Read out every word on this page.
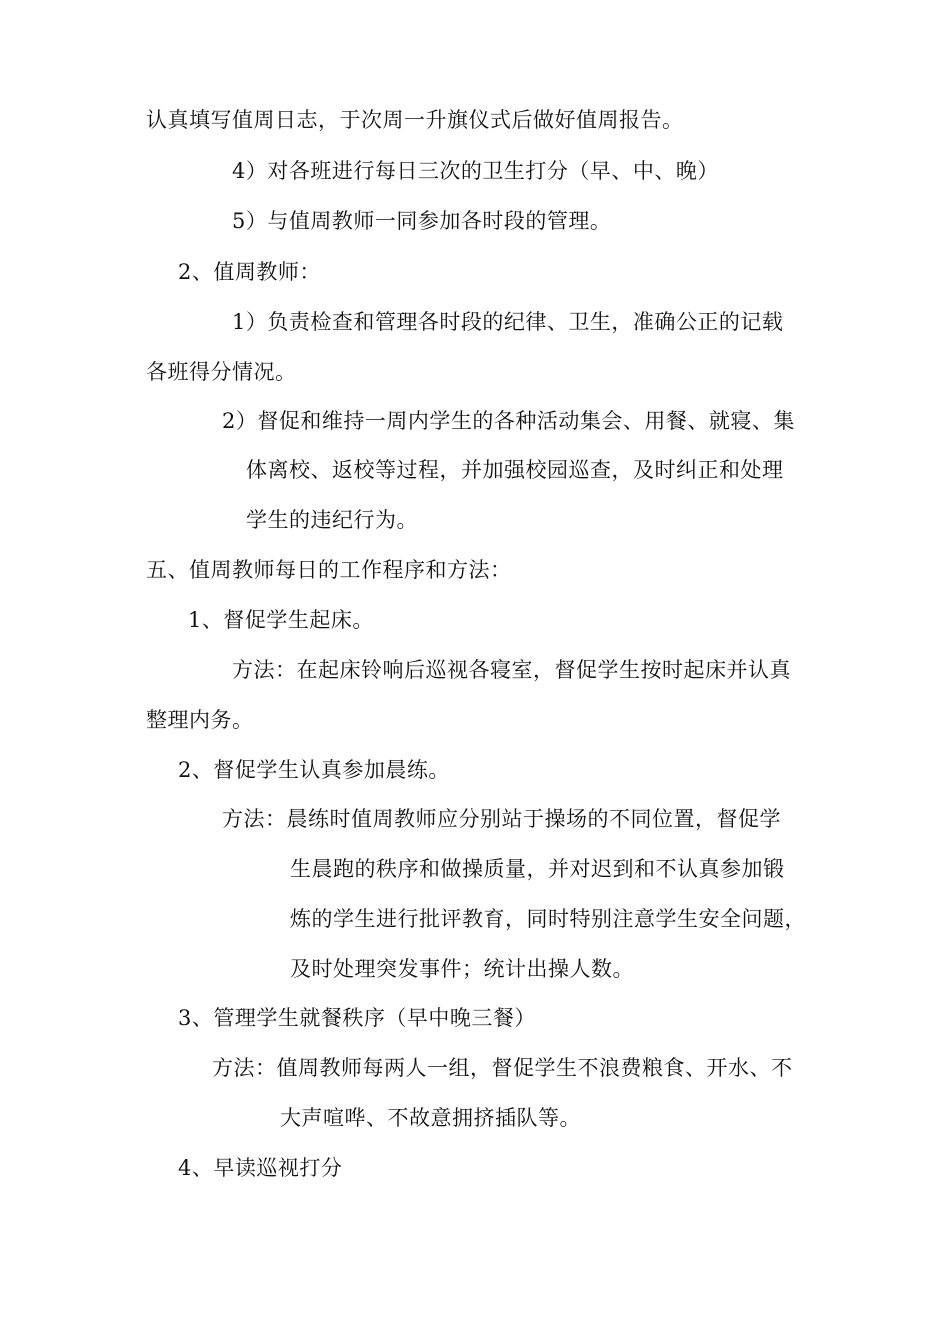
认真填写值周日志，于次周一升旗仪式后做好值周报告。
4）对各班进行每日三次的卫生打分（早、中、晚）
5）与值周教师一同参加各时段的管理。
2、值周教师：
1）负责检查和管理各时段的纪律、卫生，准确公正的记载
各班得分情况。
2）督促和维持一周内学生的各种活动集会、用餐、就寝、集
体离校、返校等过程，并加强校园巡查，及时纠正和处理
学生的违纪行为。
五、值周教师每日的工作程序和方法：
1、督促学生起床。
方法：在起床铃响后巡视各寝室，督促学生按时起床并认真
整理内务。
2、督促学生认真参加晨练。
方法：晨练时值周教师应分别站于操场的不同位置，督促学
生晨跑的秩序和做操质量，并对迟到和不认真参加锻
炼的学生进行批评教育，同时特别注意学生安全问题，
及时处理突发事件；统计出操人数。
3、管理学生就餐秩序（早中晚三餐）
方法：值周教师每两人一组，督促学生不浪费粮食、开水、不
大声喧哗、不故意拥挤插队等。
4、早读巡视打分
